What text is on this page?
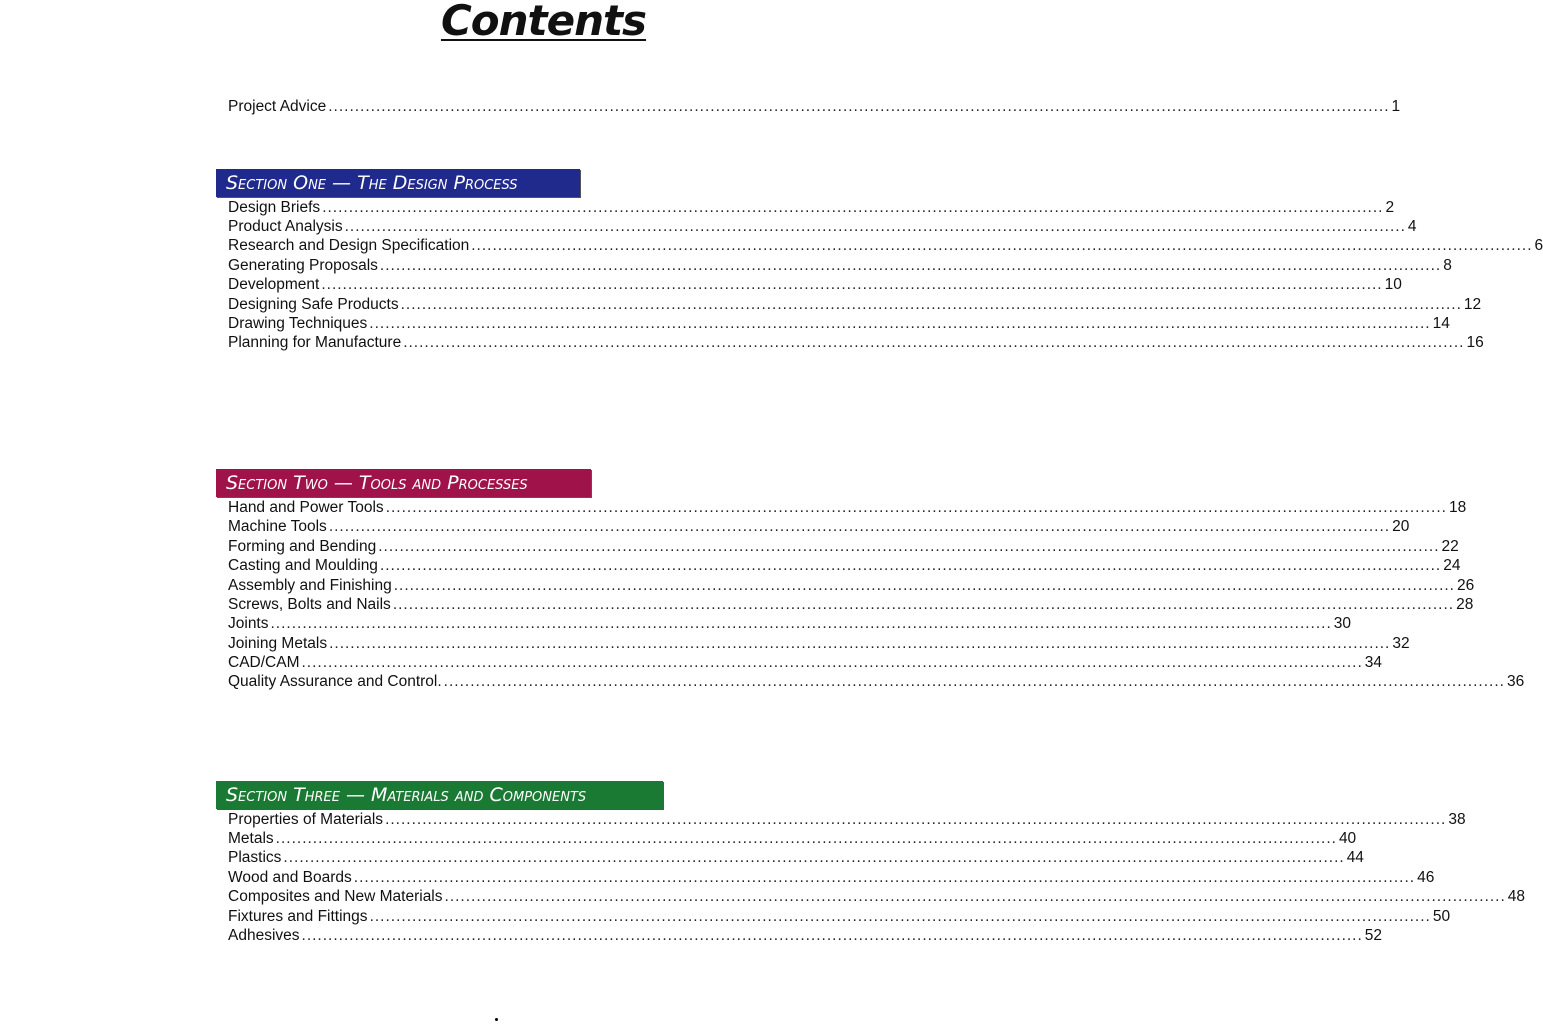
Contents
Project Advice ........................................................................................................................................................................................................ 1
Section One — The Design Process
Design Briefs ........................................................................................................................................................................................................ 2
Product Analysis ........................................................................................................................................................................................................ 4
Research and Design Specification ........................................................................................................................................................................................................ 6
Generating Proposals ........................................................................................................................................................................................................ 8
Development ........................................................................................................................................................................................................ 10
Designing Safe Products ........................................................................................................................................................................................................ 12
Drawing Techniques ........................................................................................................................................................................................................ 14
Planning for Manufacture ........................................................................................................................................................................................................ 16
Section Two — Tools and Processes
Hand and Power Tools ........................................................................................................................................................................................................ 18
Machine Tools ........................................................................................................................................................................................................ 20
Forming and Bending ........................................................................................................................................................................................................ 22
Casting and Moulding ........................................................................................................................................................................................................ 24
Assembly and Finishing ........................................................................................................................................................................................................ 26
Screws, Bolts and Nails ........................................................................................................................................................................................................ 28
Joints ........................................................................................................................................................................................................ 30
Joining Metals ........................................................................................................................................................................................................ 32
CAD/CAM ........................................................................................................................................................................................................ 34
Quality Assurance and Control. ........................................................................................................................................................................................................ 36
Section Three — Materials and Components
Properties of Materials ........................................................................................................................................................................................................ 38
Metals ........................................................................................................................................................................................................ 40
Plastics ........................................................................................................................................................................................................ 44
Wood and Boards ........................................................................................................................................................................................................ 46
Composites and New Materials ........................................................................................................................................................................................................ 48
Fixtures and Fittings ........................................................................................................................................................................................................ 50
Adhesives ........................................................................................................................................................................................................ 52
